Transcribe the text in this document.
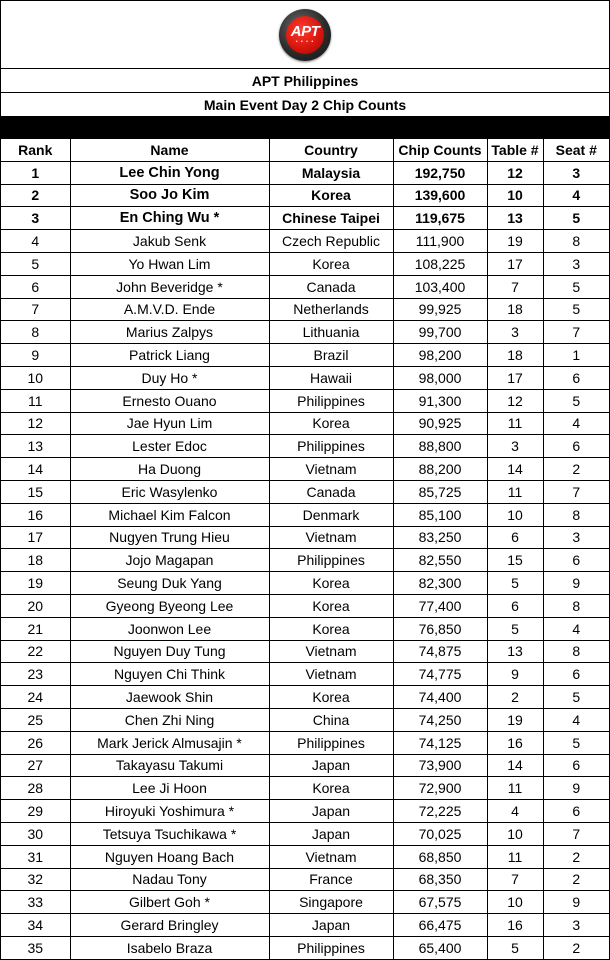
APT
• • • •
APT Philippines
Main Event Day 2 Chip Counts
Rank	Name	Country	Chip Counts	Table #	Seat #
1	Lee Chin Yong	Malaysia	192,750	12	3
2	Soo Jo Kim	Korea	139,600	10	4
3	En Ching Wu *	Chinese Taipei	119,675	13	5
4	Jakub Senk	Czech Republic	111,900	19	8
5	Yo Hwan Lim	Korea	108,225	17	3
6	John Beveridge *	Canada	103,400	7	5
7	A.M.V.D. Ende	Netherlands	99,925	18	5
8	Marius Zalpys	Lithuania	99,700	3	7
9	Patrick Liang	Brazil	98,200	18	1
10	Duy Ho *	Hawaii	98,000	17	6
11	Ernesto Ouano	Philippines	91,300	12	5
12	Jae Hyun Lim	Korea	90,925	11	4
13	Lester Edoc	Philippines	88,800	3	6
14	Ha Duong	Vietnam	88,200	14	2
15	Eric Wasylenko	Canada	85,725	11	7
16	Michael Kim Falcon	Denmark	85,100	10	8
17	Nugyen Trung Hieu	Vietnam	83,250	6	3
18	Jojo Magapan	Philippines	82,550	15	6
19	Seung Duk Yang	Korea	82,300	5	9
20	Gyeong Byeong Lee	Korea	77,400	6	8
21	Joonwon Lee	Korea	76,850	5	4
22	Nguyen Duy Tung	Vietnam	74,875	13	8
23	Nguyen Chi Think	Vietnam	74,775	9	6
24	Jaewook Shin	Korea	74,400	2	5
25	Chen Zhi Ning	China	74,250	19	4
26	Mark Jerick Almusajin *	Philippines	74,125	16	5
27	Takayasu Takumi	Japan	73,900	14	6
28	Lee Ji Hoon	Korea	72,900	11	9
29	Hiroyuki Yoshimura *	Japan	72,225	4	6
30	Tetsuya Tsuchikawa *	Japan	70,025	10	7
31	Nguyen Hoang Bach	Vietnam	68,850	11	2
32	Nadau Tony	France	68,350	7	2
33	Gilbert Goh *	Singapore	67,575	10	9
34	Gerard Bringley	Japan	66,475	16	3
35	Isabelo Braza	Philippines	65,400	5	2
